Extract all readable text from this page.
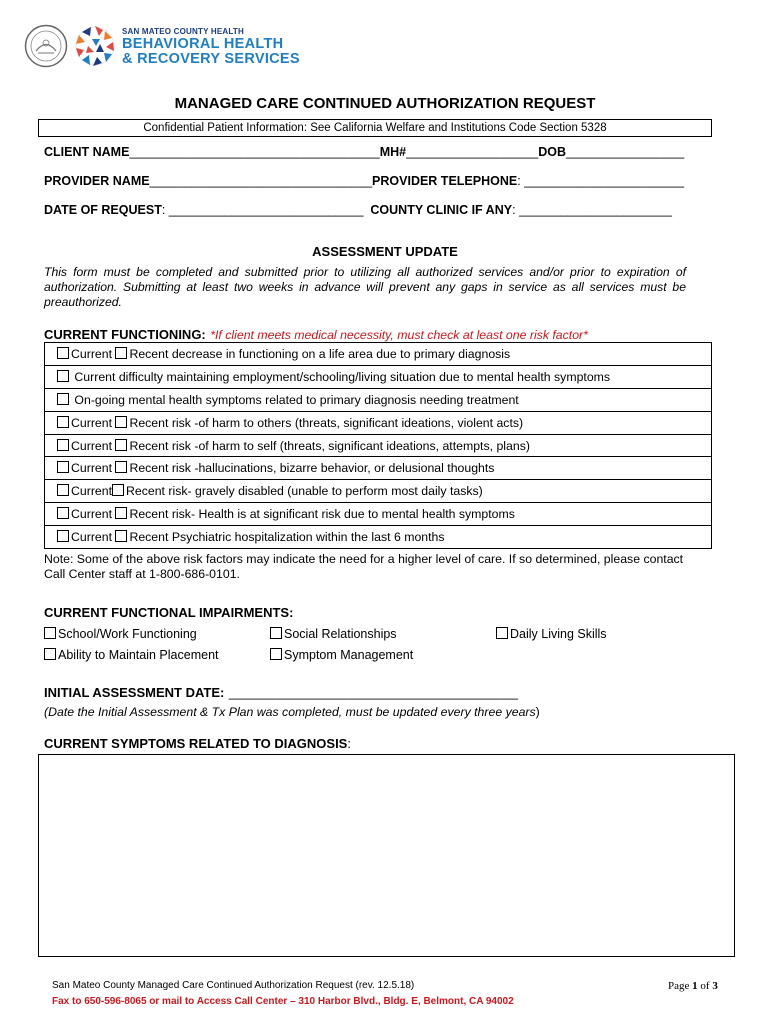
SAN MATEO COUNTY HEALTH
BEHAVIORAL HEALTH
& RECOVERY SERVICES
MANAGED CARE CONTINUED AUTHORIZATION REQUEST
Confidential Patient Information: See California Welfare and Institutions Code Section 5328
CLIENT NAME____________________________________MH#___________________DOB_________________
PROVIDER NAME________________________________PROVIDER TELEPHONE: _______________________
DATE OF REQUEST: ____________________________ COUNTY CLINIC IF ANY: ______________________
ASSESSMENT UPDATE
This form must be completed and submitted prior to utilizing all authorized services and/or prior to expiration of authorization. Submitting at least two weeks in advance will prevent any gaps in service as all services must be preauthorized.
CURRENT FUNCTIONING: *If client meets medical necessity, must check at least one risk factor*
Current Recent decrease in functioning on a life area due to primary diagnosis
Current difficulty maintaining employment/schooling/living situation due to mental health symptoms
On-going mental health symptoms related to primary diagnosis needing treatment
Current Recent risk -of harm to others (threats, significant ideations, violent acts)
Current Recent risk -of harm to self (threats, significant ideations, attempts, plans)
Current Recent risk -hallucinations, bizarre behavior, or delusional thoughts
Current Recent risk- gravely disabled (unable to perform most daily tasks)
Current Recent risk- Health is at significant risk due to mental health symptoms
Current Recent Psychiatric hospitalization within the last 6 months
Note: Some of the above risk factors may indicate the need for a higher level of care. If so determined, please contact Call Center staff at 1-800-686-0101.
CURRENT FUNCTIONAL IMPAIRMENTS:
School/Work Functioning	Social Relationships	Daily Living Skills
Ability to Maintain Placement	Symptom Management
INITIAL ASSESSMENT DATE: ________________________________________
(Date the Initial Assessment & Tx Plan was completed, must be updated every three years)
CURRENT SYMPTOMS RELATED TO DIAGNOSIS:
San Mateo County Managed Care Continued Authorization Request (rev. 12.5.18)
Fax to 650-596-8065 or mail to Access Call Center – 310 Harbor Blvd., Bldg. E, Belmont, CA 94002
Page 1 of 3
